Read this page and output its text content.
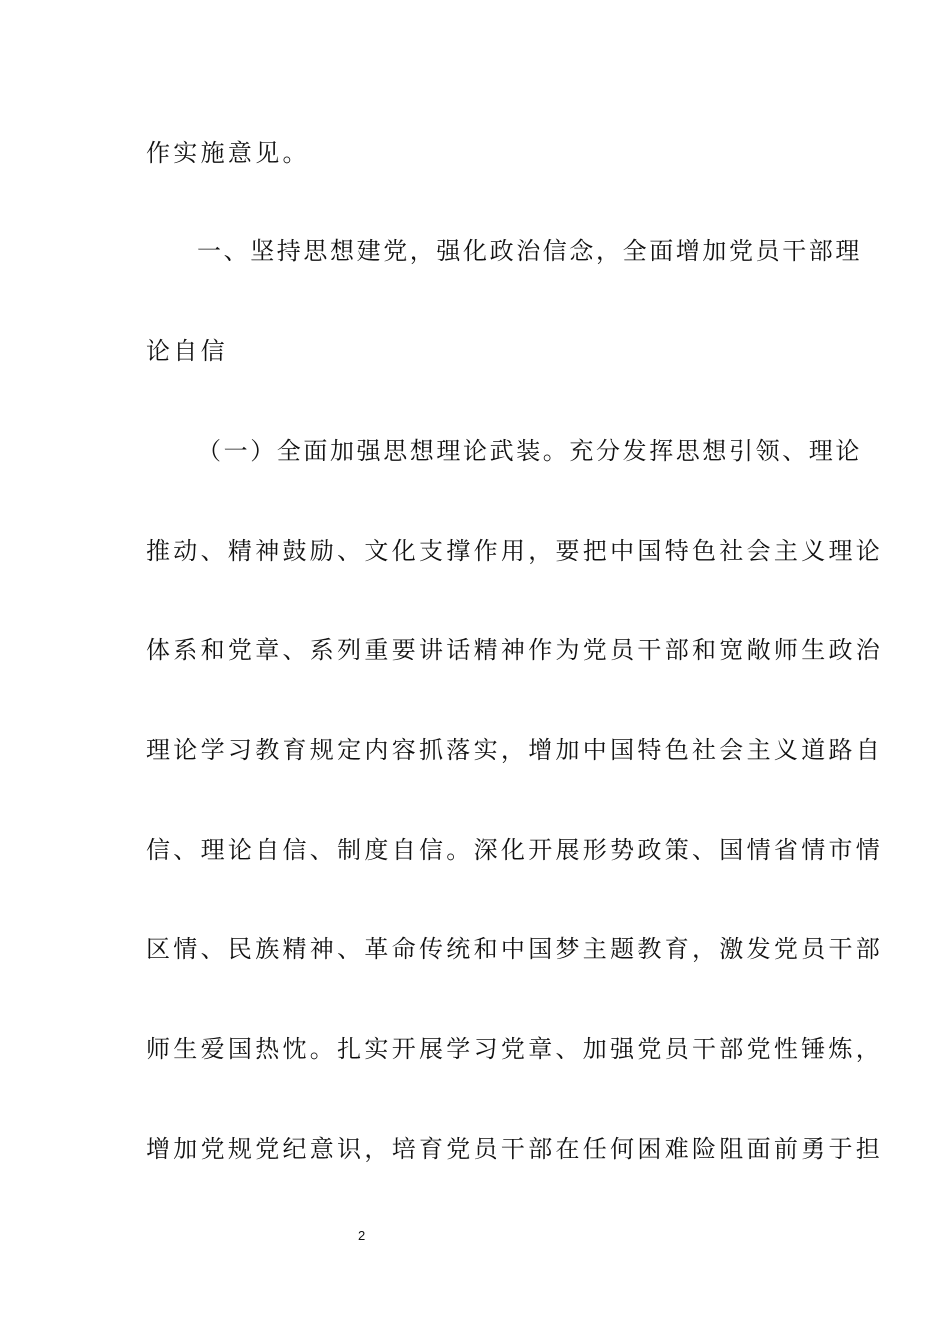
作实施意见。
一、坚持思想建党，强化政治信念，全面增加党员干部理
论自信
（一）全面加强思想理论武装。充分发挥思想引领、理论
推动、精神鼓励、文化支撑作用，要把中国特色社会主义理论
体系和党章、系列重要讲话精神作为党员干部和宽敞师生政治
理论学习教育规定内容抓落实，增加中国特色社会主义道路自
信、理论自信、制度自信。深化开展形势政策、国情省情市情
区情、民族精神、革命传统和中国梦主题教育，激发党员干部
师生爱国热忱。扎实开展学习党章、加强党员干部党性锤炼，
增加党规党纪意识，培育党员干部在任何困难险阻面前勇于担
2
